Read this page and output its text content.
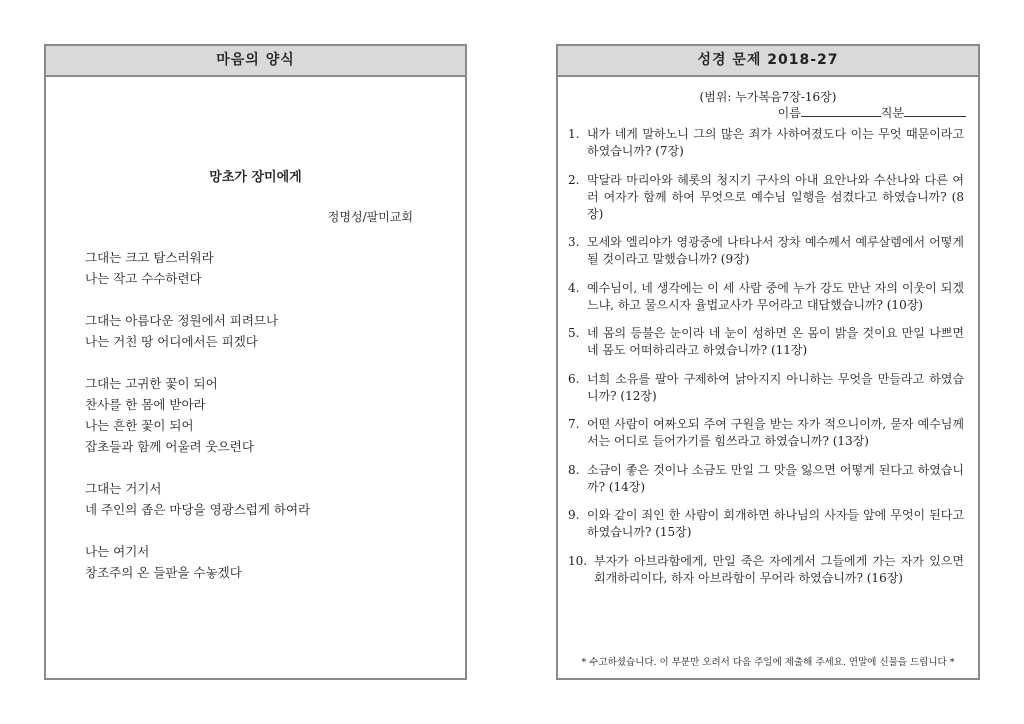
마음의 양식
망초가 장미에게
정명성/팔미교회
그대는 크고 탐스러워라
나는 작고 수수하련다
그대는 아름다운 정원에서 피려므나
나는 거친 땅 어디에서든 피겠다
그대는 고귀한 꽃이 되어
찬사를 한 몸에 받아라
나는 흔한 꽃이 되어
잡초들과 함께 어울려 웃으련다
그대는 거기서
네 주인의 좁은 마당을 영광스럽게 하여라
나는 여기서
창조주의 온 들판을 수놓겠다
성경 문제 2018-27
(범위: 누가복음7장-16장)
이름	직분
1. 내가 네게 말하노니 그의 많은 죄가 사하여졌도다 이는 무엇 때문이라고 하였습니까? (7장)
2. 막달라 마리아와 헤롯의 청지기 구사의 아내 요안나와 수산나와 다른 여러 여자가 함께 하여 무엇으로 예수님 일행을 섬겼다고 하였습니까? (8장)
3. 모세와 엘리야가 영광중에 나타나서 장차 예수께서 예루살렘에서 어떻게 될 것이라고 말했습니까? (9장)
4. 예수님이, 네 생각에는 이 세 사람 중에 누가 강도 만난 자의 이웃이 되겠느냐, 하고 물으시자 율법교사가 무어라고 대답했습니까? (10장)
5. 네 몸의 등불은 눈이라 네 눈이 성하면 온 몸이 밝을 것이요 만일 나쁘면 네 몸도 어떠하리라고 하였습니까? (11장)
6. 너희 소유를 팔아 구제하여 낡아지지 아니하는 무엇을 만들라고 하였습니까? (12장)
7. 어떤 사람이 여짜오되 주여 구원을 받는 자가 적으니이까, 묻자 예수님께서는 어디로 들어가기를 힘쓰라고 하였습니까? (13장)
8. 소금이 좋은 것이나 소금도 만일 그 맛을 잃으면 어떻게 된다고 하였습니까? (14장)
9. 이와 같이 죄인 한 사람이 회개하면 하나님의 사자들 앞에 무엇이 된다고 하였습니까? (15장)
10. 부자가 아브라함에게, 만일 죽은 자에게서 그들에게 가는 자가 있으면 회개하리이다, 하자 아브라함이 무어라 하였습니까? (16장)
* 수고하셨습니다. 이 부분만 오려서 다음 주일에 제출해 주세요. 연말에 신물을 드립니다 *
